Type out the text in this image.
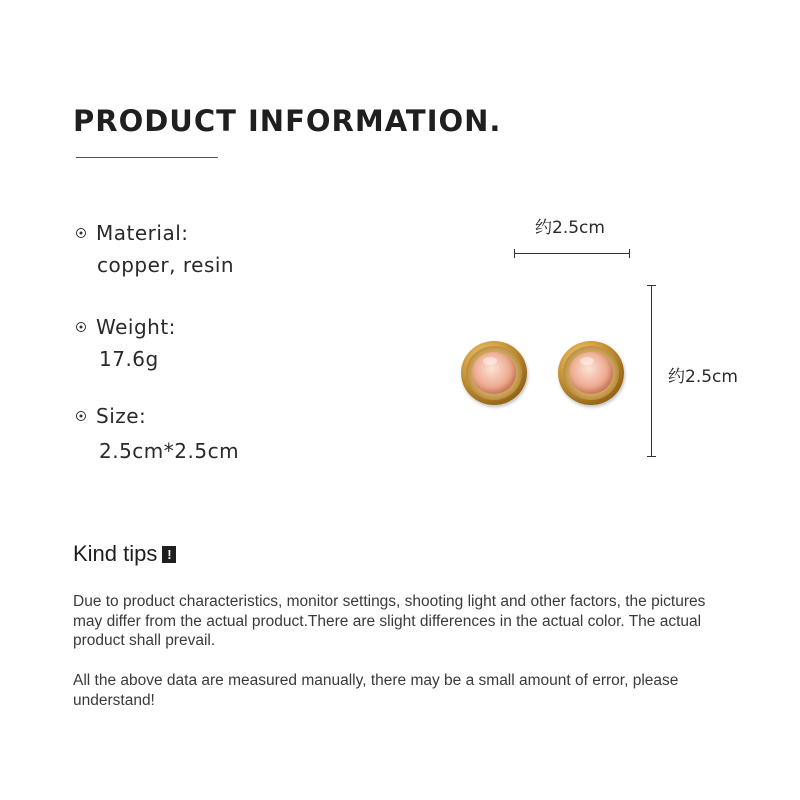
PRODUCT INFORMATION.
Material:
copper, resin
Weight:
17.6g
Size:
2.5cm*2.5cm
约2.5cm
约2.5cm
Kind tips !
Due to product characteristics, monitor settings, shooting light and other factors, the pictures may differ from the actual product.There are slight differences in the actual color. The actual product shall prevail.
All the above data are measured manually, there may be a small amount of error, please understand!
